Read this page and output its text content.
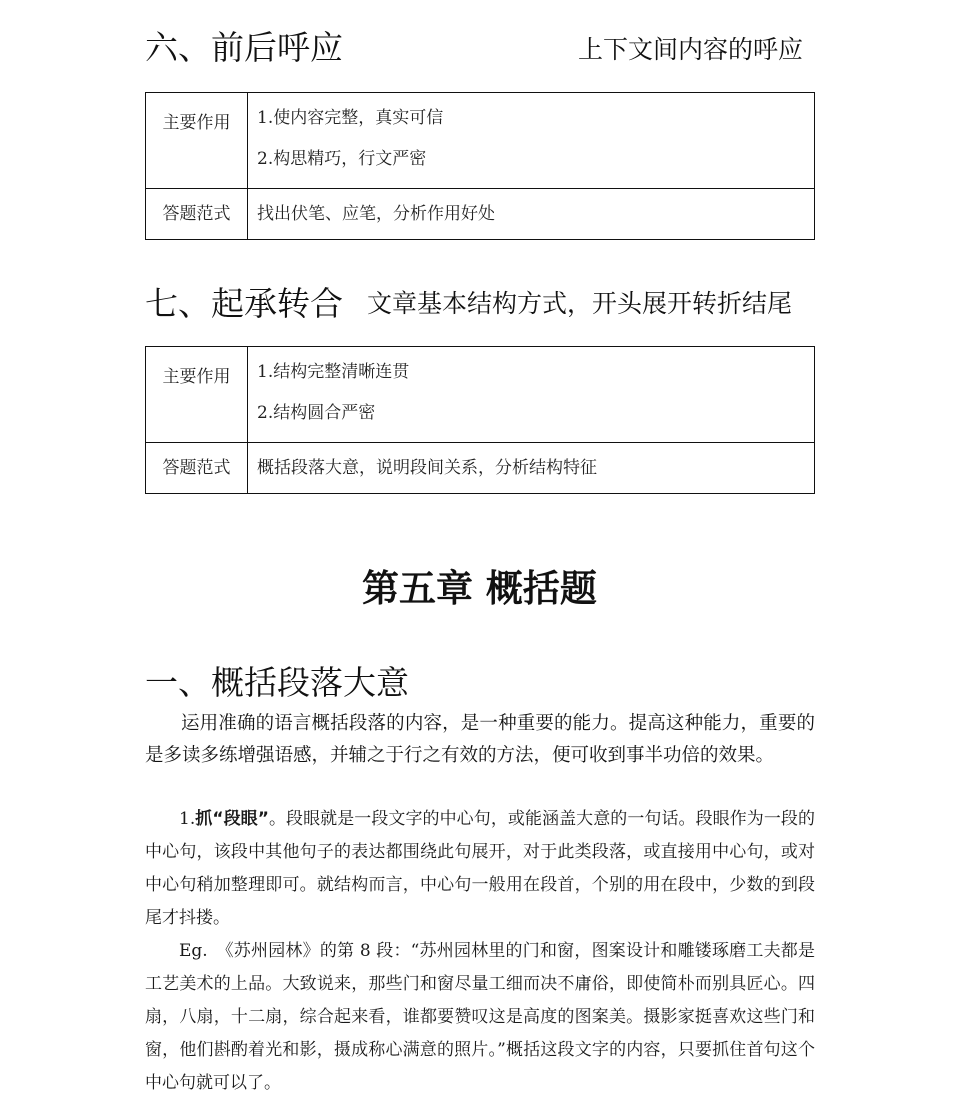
六、前后呼应	上下文间内容的呼应
主要作用	1.使内容完整，真实可信
2.构思精巧，行文严密

答题范式	找出伏笔、应笔，分析作用好处
七、起承转合 文章基本结构方式，开头展开转折结尾
主要作用	1.结构完整清晰连贯
2.结构圆合严密

答题范式	概括段落大意，说明段间关系，分析结构特征
第五章 概括题
一、概括段落大意
运用准确的语言概括段落的内容，是一种重要的能力。提高这种能力，重要的是多读多练增强语感，并辅之于行之有效的方法，便可收到事半功倍的效果。
1.抓“段眼”。段眼就是一段文字的中心句，或能涵盖大意的一句话。段眼作为一段的中心句，该段中其他句子的表达都围绕此句展开，对于此类段落，或直接用中心句，或对中心句稍加整理即可。就结构而言，中心句一般用在段首，个别的用在段中，少数的到段尾才抖搂。
Eg.　《苏州园林》的第 8 段：“苏州园林里的门和窗，图案设计和雕镂琢磨工夫都是工艺美术的上品。大致说来，那些门和窗尽量工细而决不庸俗，即使简朴而别具匠心。四扇，八扇，十二扇，综合起来看，谁都要赞叹这是高度的图案美。摄影家挺喜欢这些门和窗，他们斟酌着光和影，摄成称心满意的照片。”概括这段文字的内容，只要抓住首句这个中心句就可以了。
